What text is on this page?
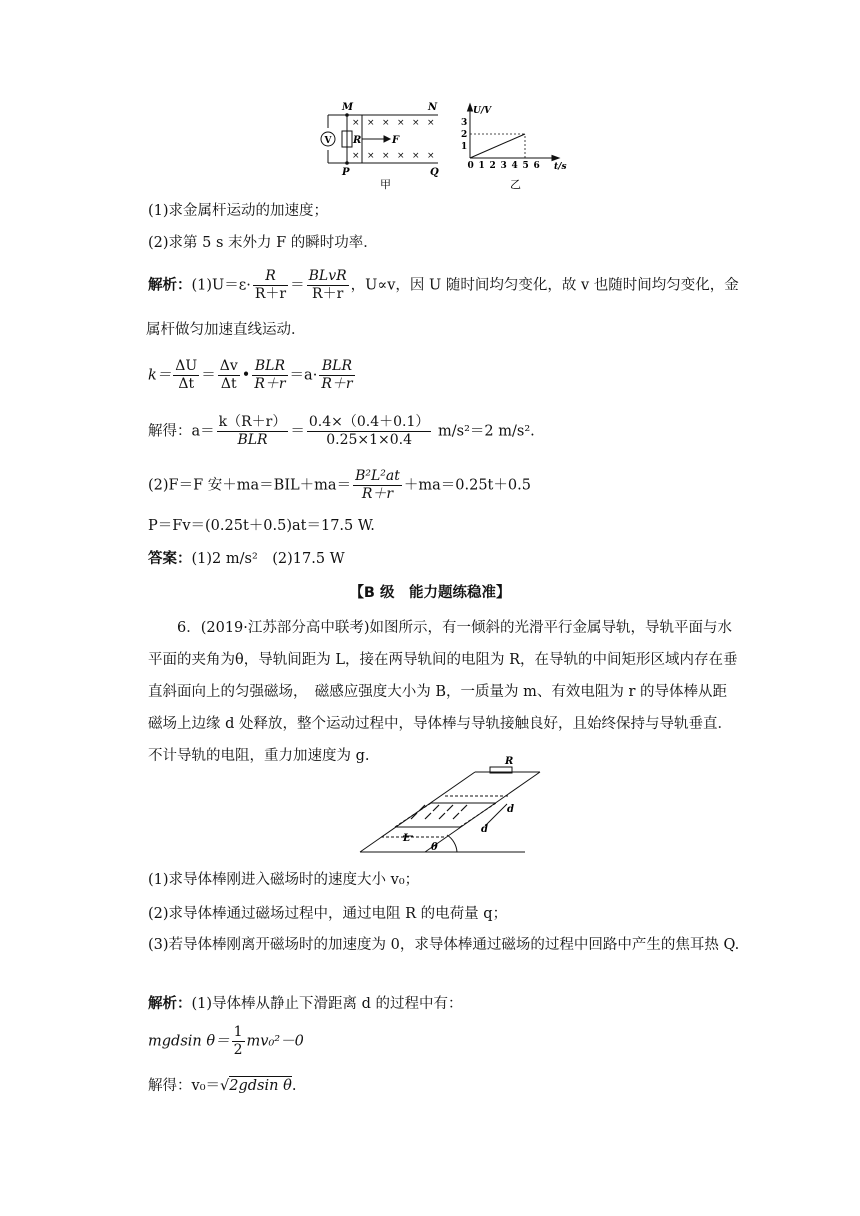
M	N
P	Q
V R	F
× × × × × ×
× × × × × ×
甲
1
2
3
0 1 2 3 4 5 6
U/V
t/s
乙
(1)求金属杆运动的加速度；
(2)求第 5 s 末外力 F 的瞬时功率．
解析：$(1)U=\varepsilon\cdot \frac{R}{R+r} = \frac{\text{BLvR}}{R+r}$ ，U∝v，因 U 随时间均匀变化，故 v 也随时间均匀变化，金
属杆做匀加速直线运动．
$k= \frac{\Delta U}{\Delta t} = \frac{\Delta v}{\Delta t}$ • $\frac{\text{BLR}}{R+r} =a\cdot \frac{\text{BLR}}{R+r}$
解得：$a= \frac{k(R+r)}{\text{BLR}} = \frac{0.4\times(0.4+0.1)}{0.25\times 1\times 0.4} m/s^2=2$ m/s².
(2)F＝F 安$+ma=BIL+ma= \frac{\text{B²L²at}}{R+r} +ma=0.25t+0.5$
P＝Fv＝(0.25t＋0.5)at＝17.5 W.
答案：(1)2 m/s²　(2)17.5 W
【B 级　能力题练稳准】
6．(2019·江苏部分高中联考)如图所示，有一倾斜的光滑平行金属导轨，导轨平面与水平面的夹角为θ，导轨间距为 L，接在两导轨间的电阻为 R，在导轨的中间矩形区域内存在垂直斜面向上的匀强磁场，　磁感应强度大小为 B，一质量为 m、有效电阻为 r 的导体棒从距磁场上边缘 d 处释放，整个运动过程中，导体棒与导轨接触良好，且始终保持与导轨垂直．不计导轨的电阻，重力加速度为 g.	R
d
d
L
θ
(1)求导体棒刚进入磁场时的速度大小 v₀；
(2)求导体棒通过磁场过程中，通过电阻 R 的电荷量 q；
(3)若导体棒刚离开磁场时的加速度为 0，求导体棒通过磁场的过程中回路中产生的焦耳热 Q.
解析：(1)导体棒从静止下滑距离 d 的过程中有：
mgdsin $\theta= \frac{1}{2} mv_0^2-0$
解得：v₀＝√2gdsin θ.
